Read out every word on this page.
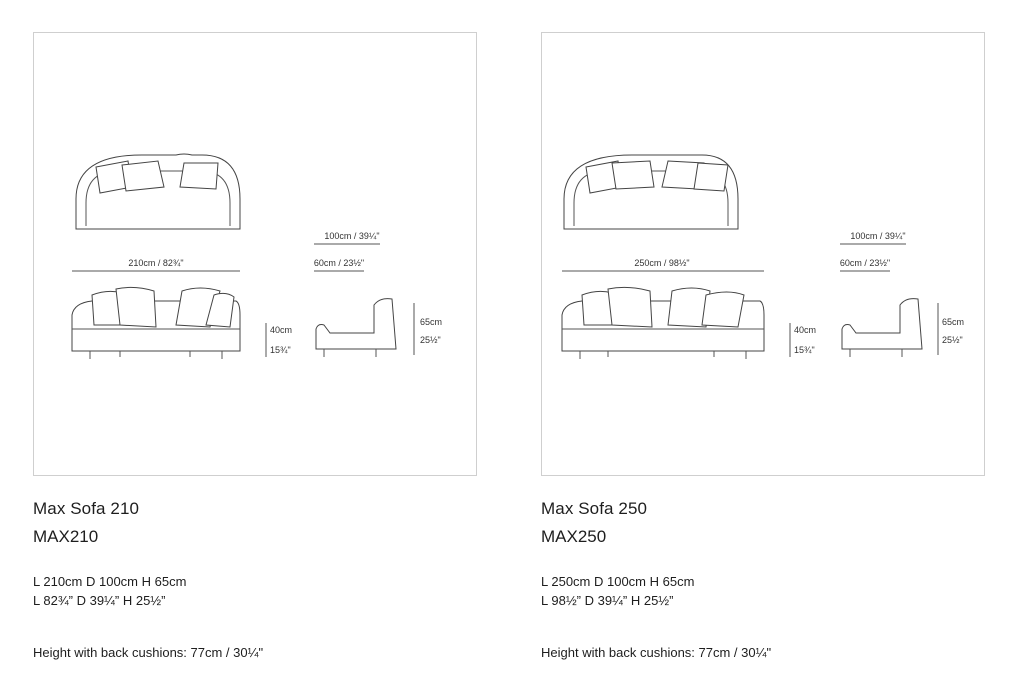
210cm / 82¾"
40cm
15¾"
100cm / 39¼"
60cm / 23½"
65cm
25½"
Max Sofa 210
MAX210
L 210cm D 100cm H 65cm
L 82¾” D 39¼” H 25½”
Height with back cushions: 77cm / 30¼"
250cm / 98½"
40cm
15¾"
100cm / 39¼"
60cm / 23½"
65cm
25½"
Max Sofa 250
MAX250
L 250cm D 100cm H 65cm
L 98½” D 39¼” H 25½”
Height with back cushions: 77cm / 30¼"
